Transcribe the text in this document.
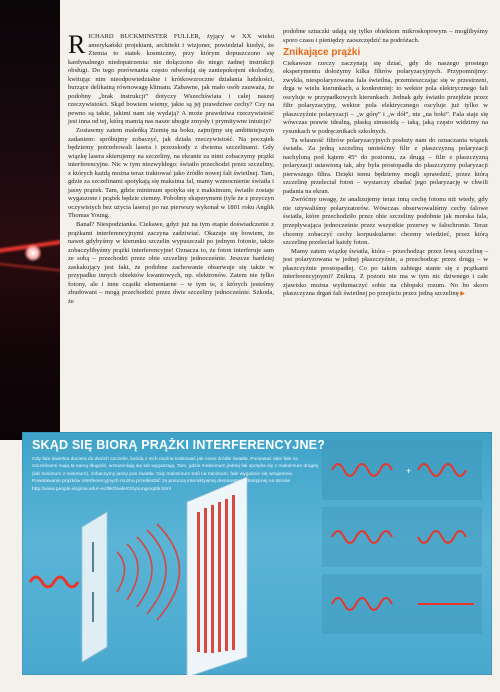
RICHARD BUCKMINSTER FULLER, żyjący w XX wieku amerykański projektant, architekt i wizjoner, powiedział kiedyś, że Ziemia to statek kosmiczny, przy którym dopuszczono się kardynalnego niedopatrzenia: nie dołączono do niego żadnej instrukcji obsługi. Do tego porównania często odwołują się zaniepokojeni ekolodzy, kwitując nim nieodpowiedzialne i krótkowzroczne działania ludzkości, burzące delikatną równowagę klimatu. Zabawne, jak mało osób zauważa, że podobny „brak instrukcji” dotyczy Wszechświata i całej naszej rzeczywistości. Skąd bowiem wiemy, jakie są jej prawdziwe cechy? Czy na pewno są takie, jakimi nam się wydają? A może prawdziwa rzeczywistość jest inna od tej, którą mamią nas nasze ubogie zmysły i prymitywne intuicje?

Zostawmy zatem maleńką Ziemię na boku, zajmijmy się ambitniejszym zadaniem: spróbujmy zobaczyć, jak działa rzeczywistość. Na początek będziemy potrzebowali lasera i przezskody z dwiema szczelinami. Gdy wiązkę lasera skierujemy na szczeliny, na ekranie za nimi zobaczymy prążki interferencyjne. Nic w tym niezwykłego: światło przechodzi przez szczeliny, z których każdą można teraz traktować jako źródło nowej fali świetlnej. Tam, gdzie za szczelinami spotykają się maksima fal, mamy wzmocnienie światła i jasny prążek. Tam, gdzie minimum spotyka się z maksimum, światło zostaje wygaszone i prążek będzie ciemny. Pobobny eksperyment (tyle że z przyczyn oczywistych bez użycia lasera) po raz pierwszy wykonał w 1801 roku Anglik Thomas Young.

Banał? Niespodzianka. Ciekawe, gdyż już na tym etapie doświadczenie z prążkami interferencyjnymi zaczyna zadziwiać. Okazuje się bowiem, że nawet gdybyśmy w kierunku szczelin wypuszczali po jednym fotonie, także zobaczylibyśmy prążki interferencyjne! Oznacza to, że foton interferuje sam ze sobą – przechodzi przez obie szczeliny jednocześnie. Jeszcze bardziej zaskakujący jest fakt, że podobne zachowanie obserwuje się także w przypadku innych obiektów kwantowych, np. elektronów. Zatem nie tylko fotony, ale i inne cząstki elementarne – w tym te, z których jesteśmy zbudowani – mogą przechodzić przez dwie szczeliny jednocześnie. Szkoda, że

podobne sztuczki udają się tylko obiektom mikroskopowym – moglibyśmy sporo czasu i pieniędzy zaoszczędzić na podróżach.

Znikające prążki

Ciekawsze rzeczy zaczynają się dziać, gdy do naszego prostego eksperymentu dołożymy kilka filtrów polaryzacyjnych. Przypomnijmy: zwykła, niespolaryzowana fala świetlna, przemieszczając się w przestrzeni, drga w wielu kierunkach, a konkretniej: to wektor pola elektrycznego fali oscyluje w przypadkowych kierunkach. Jednak gdy światło przejdzie przez filtr polaryzacyjny, wektor pola elektrycznego oscyluje już tylko w płaszczyźnie polaryzacji – „w górę” i „w dół”, nie „na boki”. Fala staje się wówczas prawie idealną, płaską sinusoidą – taką, jaką często widzimy na rysunkach w podręcznikach szkolnych.

Ta własność filtrów polaryzacyjnych posłuży nam do oznaczania wiązek światła. Za jedną szczeliną umieśćmy filtr z płaszczyzną polaryzacji nachyloną pod kątem 45° do poziomu, za drugą – filtr z płaszczyzną polaryzacji ustawioną tak, aby była prostopadła do płaszczyzny polaryzacji pierwszego filtra. Dzięki temu będziemy mogli sprawdzić, przez którą szczelinę przeleciał foton – wystarczy zbadać jego polaryzację w chwili padania na ekran.

Zwróćmy uwagę, że analizujemy teraz inną cechę fotonu niż wtedy, gdy nie używaliśmy polaryzatorów. Wówczas obserwowaliśmy cechy falowe światła, które przechodziło przez obie szczeliny podobnie jak morska fala, przepływająca jednocześnie przez wszystkie przerwy w falochronie. Teraz chcemy zobaczyć cechy korpuskularne: chcemy wiedzieć, przez którą szczelinę przeleciał każdy foton.

Mamy zatem wiązkę światła, która – przechodząc przez lewą szczelinę – jest polaryzowana w jednej płaszczyźnie, a przechodząc przez drugą – w płaszczyźnie prostopadłej. Co po takim zabiegu stanie się z prążkami interferencyjnymi? Znikną. Z pozoru nie ma w tym nic dziwnego i całe zjawisko można wytłumaczyć sobie na chłopski rozum. No bo skoro płaszczyzna drgań fali świetlnej po przejściu przez jedną szczelinę ▶

+
SKĄD SIĘ BIORĄ PRĄŻKI INTERFERENCYJNE?
Gdy fala świetlna dociera do dwóch szczelin, każdą z nich można traktować jak nowe źródło światła. Ponieważ obie fale za szczelinami mają tę samą długość, wzmacniają się lub wygaszają. Tam, gdzie maksimum jednej fali spotyka się z maksimum drugiej (lub minimum z minimum), zobaczymy jasny pas światła. Gdy maksimum trafi na minimum, fale wygaśnie się wzajemnie. Powstawanie prążków interferencyjnych można prześledzić za pomocą interaktywnej demonstracji dostępnej na stronie http://www.people.virginia.edu/~ecf6k/fowler03/youngexptlk.html
